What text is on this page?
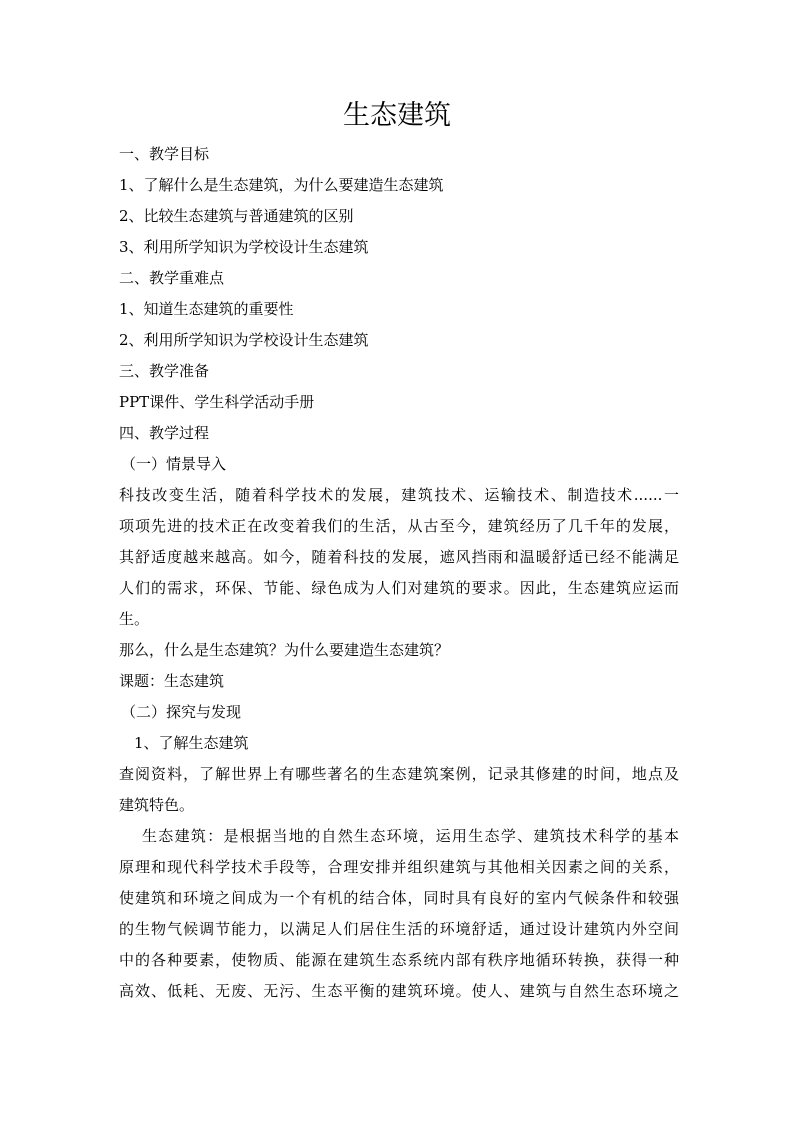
生态建筑
一、教学目标
1、了解什么是生态建筑，为什么要建造生态建筑
2、比较生态建筑与普通建筑的区别
3、利用所学知识为学校设计生态建筑
二、教学重难点
1、知道生态建筑的重要性
2、利用所学知识为学校设计生态建筑
三、教学准备
PPT课件、学生科学活动手册
四、教学过程
（一）情景导入
科技改变生活，随着科学技术的发展，建筑技术、运输技术、制造技术......一
项项先进的技术正在改变着我们的生活，从古至今，建筑经历了几千年的发展，
其舒适度越来越高。如今，随着科技的发展，遮风挡雨和温暖舒适已经不能满足
人们的需求，环保、节能、绿色成为人们对建筑的要求。因此，生态建筑应运而
生。
那么，什么是生态建筑？为什么要建造生态建筑？
课题：生态建筑
（二）探究与发现
1、了解生态建筑
查阅资料，了解世界上有哪些著名的生态建筑案例，记录其修建的时间，地点及
建筑特色。
生态建筑：是根据当地的自然生态环境，运用生态学、建筑技术科学的基本
原理和现代科学技术手段等，合理安排并组织建筑与其他相关因素之间的关系，
使建筑和环境之间成为一个有机的结合体，同时具有良好的室内气候条件和较强
的生物气候调节能力，以满足人们居住生活的环境舒适，通过设计建筑内外空间
中的各种要素，使物质、能源在建筑生态系统内部有秩序地循环转换，获得一种
高效、低耗、无废、无污、生态平衡的建筑环境。使人、建筑与自然生态环境之
